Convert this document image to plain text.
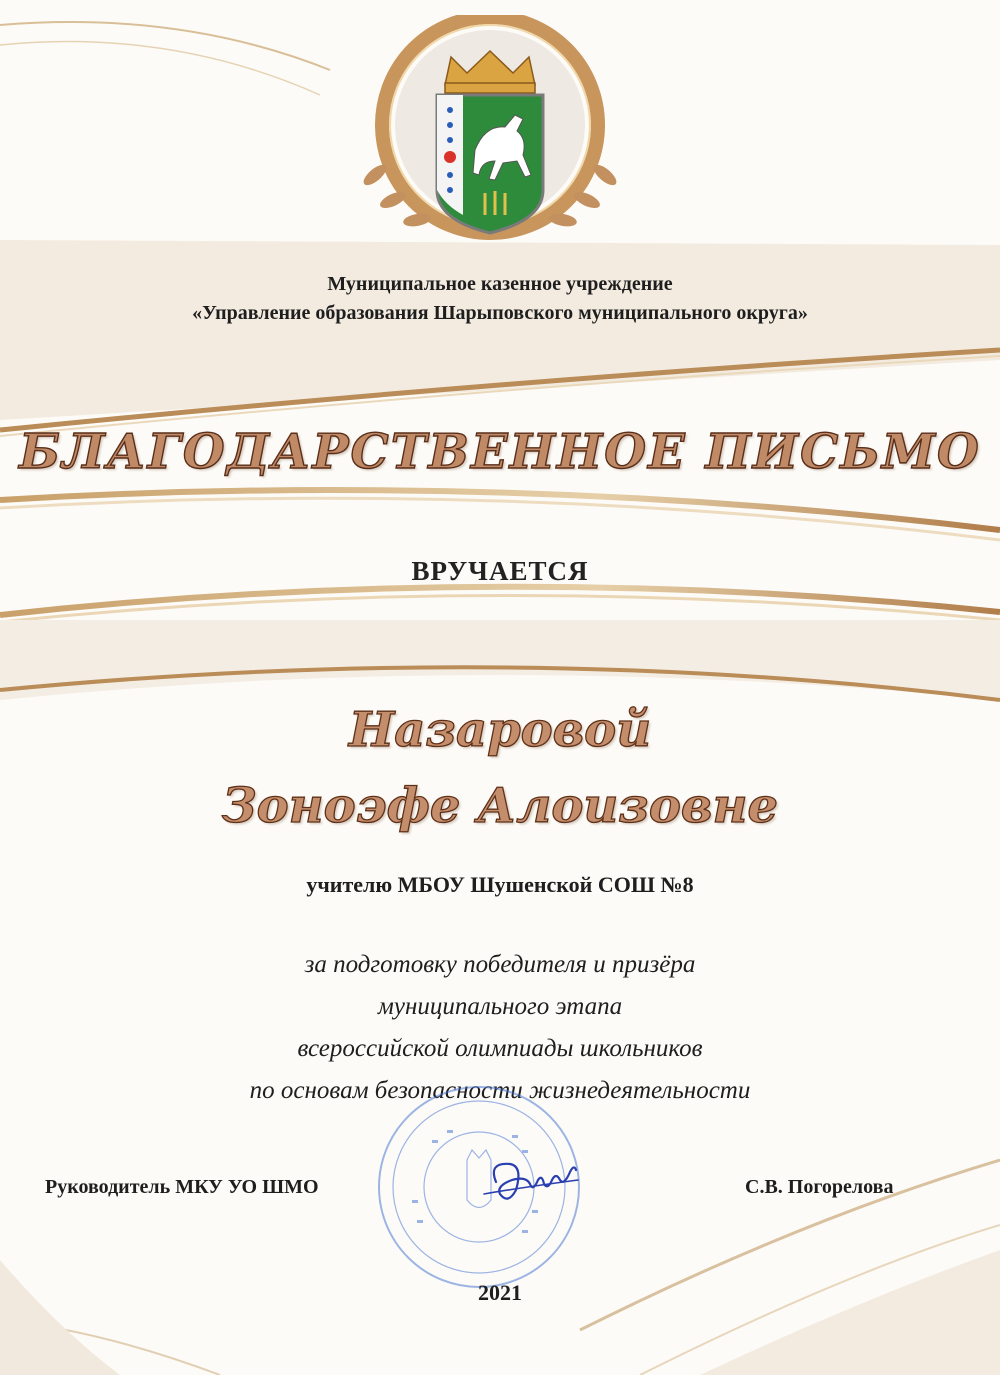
Муниципальное казенное учреждение
«Управление образования Шарыповского муниципального округа»
БЛАГОДАРСТВЕННОЕ ПИСЬМО
ВРУЧАЕТСЯ
Назаровой
Зоноэфе Алоизовне

учителю МБОУ Шушенской СОШ №8

за подготовку победителя и призёра
муниципального этапа
всероссийской олимпиады школьников
по основам безопасности жизнедеятельности

Руководитель МКУ УО ШМО	С.В. Погорелова

2021
